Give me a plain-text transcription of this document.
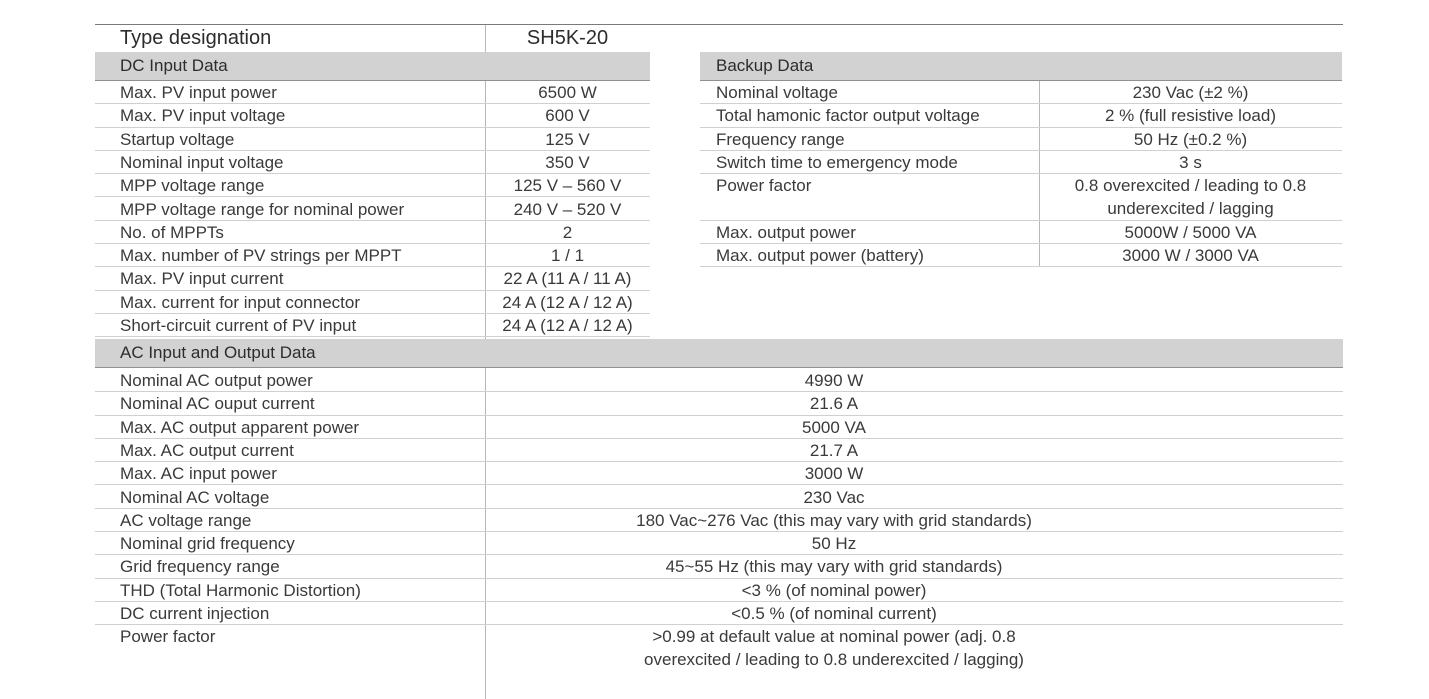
Type designation	SH5K-20
DC Input Data
Max. PV input power	6500 W
Max. PV input voltage	600 V
Startup voltage	125 V
Nominal input voltage	350 V
MPP voltage range	125 V – 560 V
MPP voltage range for nominal power	240 V – 520 V
No. of MPPTs	2
Max. number of PV strings per MPPT	1 / 1
Max. PV input current	22 A (11 A / 11 A)
Max. current for input connector	24 A (12 A / 12 A)
Short-circuit current of PV input	24 A (12 A / 12 A)
Backup Data
Nominal voltage	230 Vac (±2 %)
Total hamonic factor output voltage	2 % (full resistive load)
Frequency range	50 Hz (±0.2 %)
Switch time to emergency mode	3 s
Power factor	0.8 overexcited / leading to 0.8
underexcited / lagging
Max. output power	5000W / 5000 VA
Max. output power (battery)	3000 W / 3000 VA
AC Input and Output Data
Nominal AC output power	4990 W
Nominal AC ouput current	21.6 A
Max. AC output apparent power	5000 VA
Max. AC output current	21.7 A
Max. AC input power	3000 W
Nominal AC voltage	230 Vac
AC voltage range	180 Vac~276 Vac (this may vary with grid standards)
Nominal grid frequency	50 Hz
Grid frequency range	45~55 Hz (this may vary with grid standards)
THD (Total Harmonic Distortion)	<3 % (of nominal power)
DC current injection	<0.5 % (of nominal current)
Power factor	>0.99 at default value at nominal power (adj. 0.8
overexcited / leading to 0.8 underexcited / lagging)
